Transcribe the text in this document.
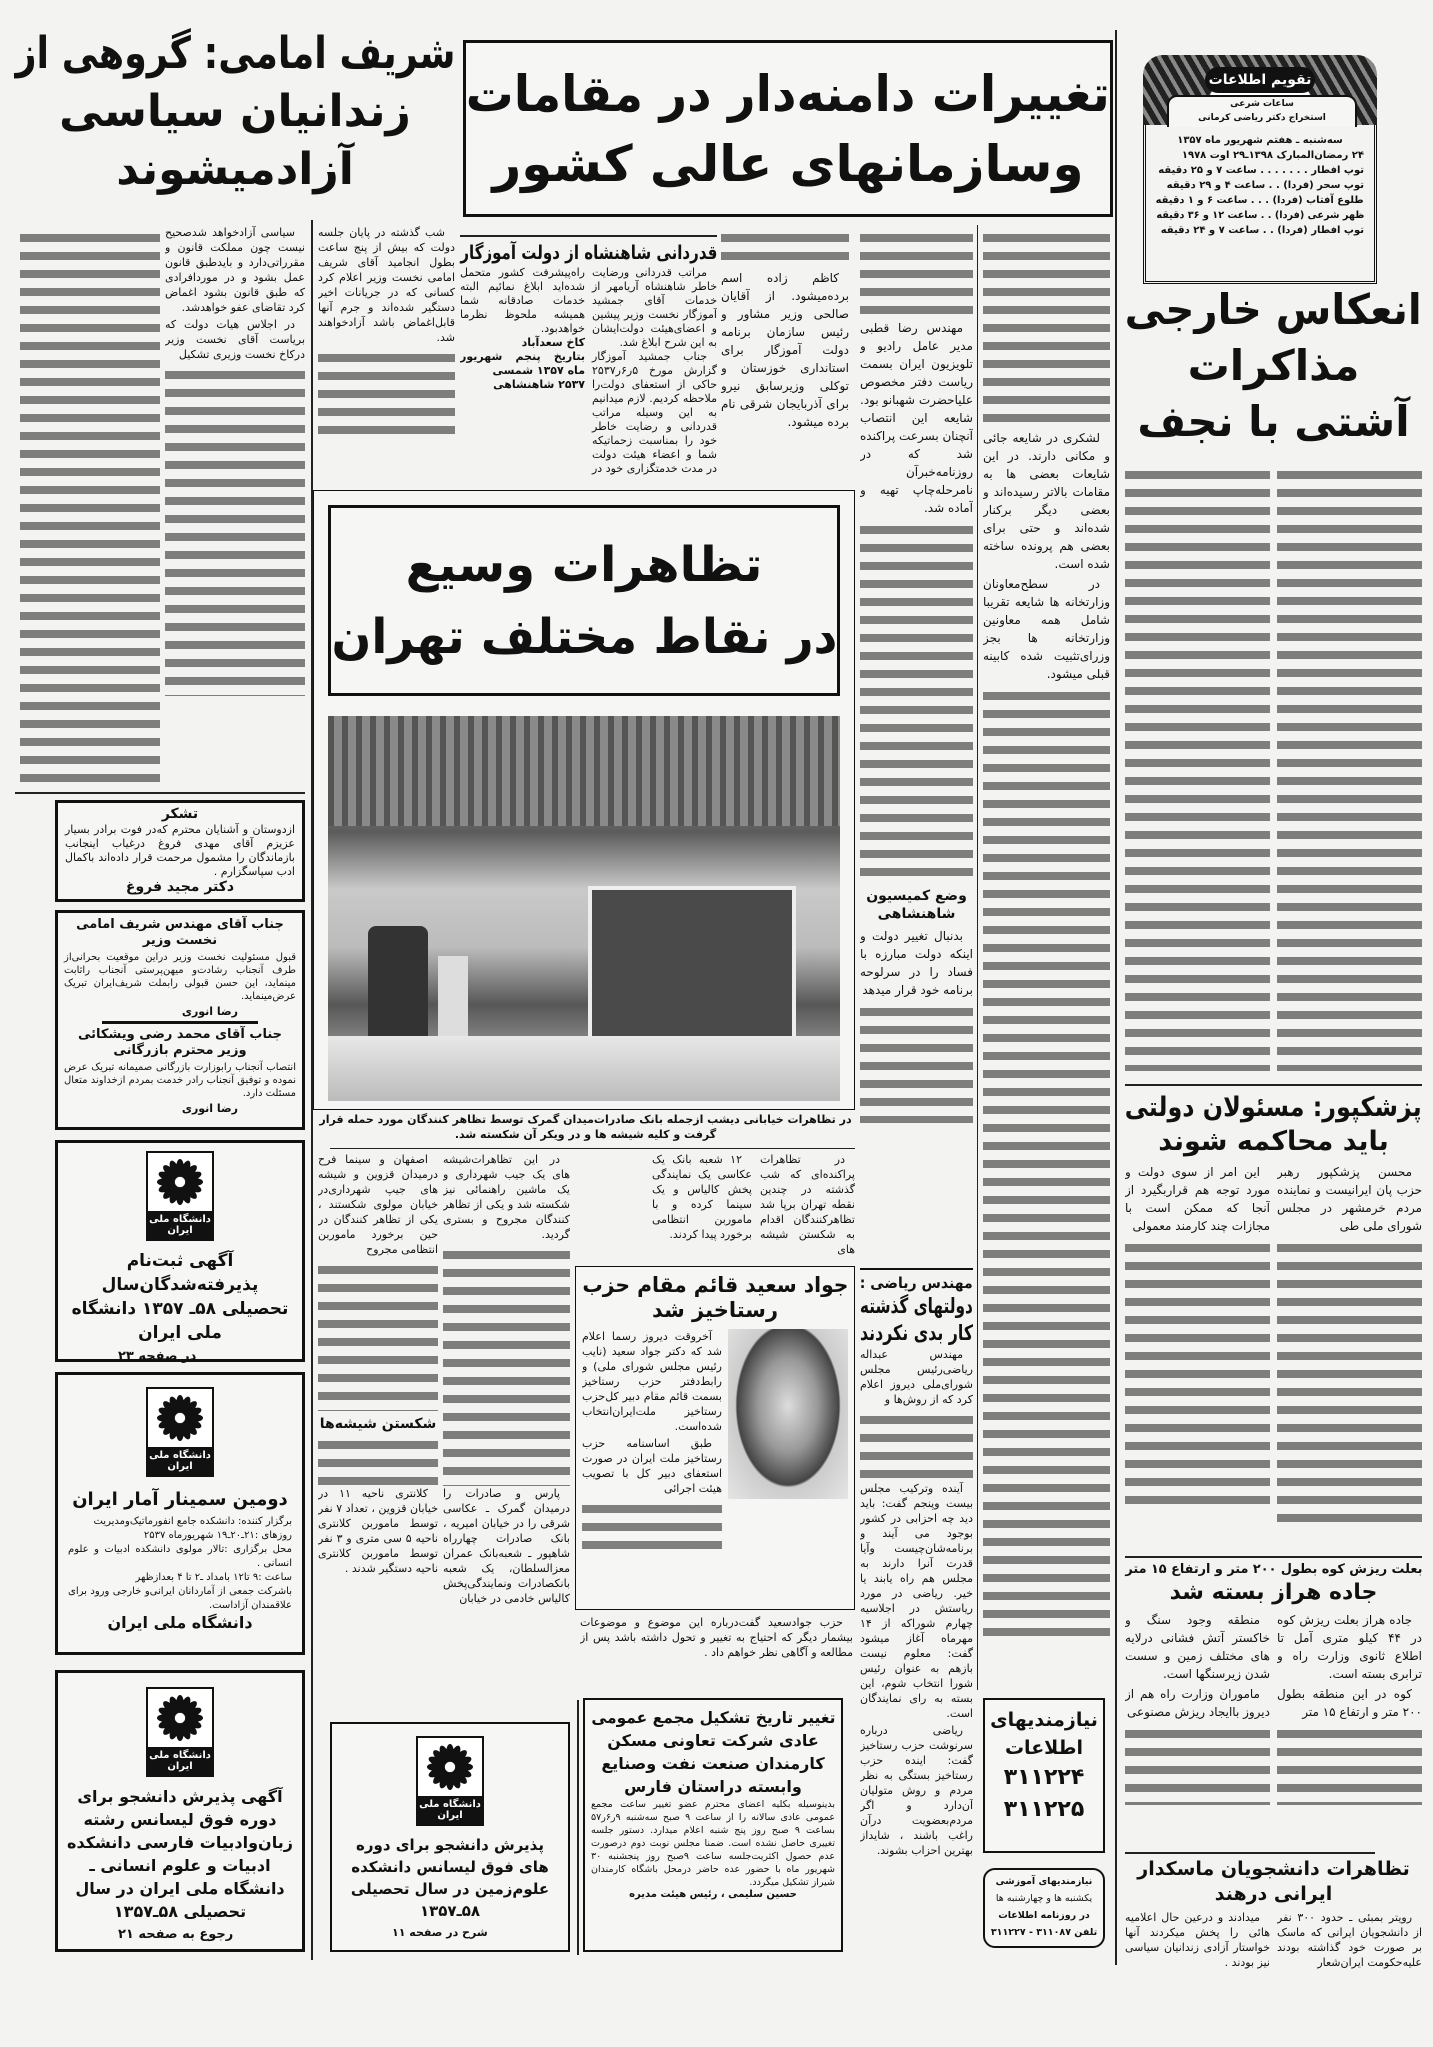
شریف امامی: گروهی از
زندانیان سیاسی
آزادمیشوند

شب گذشته در پایان جلسه دولت که بیش از پنج ساعت بطول انجامید آقای شریف امامی نخست وزیر اعلام کرد کسانی که در جریانات اخیر دستگیر شده‌اند و جرم آنها قابل‌اغماض باشد آزادخواهند شد.

سیاسی آزادخواهد شدصحیح نیست چون مملکت قانون و مقرراتی‌دارد و بایدطبق قانون عمل بشود و در موردافرادی که طبق قانون بشود اغماض کرد تقاضای عفو خواهدشد.

در اجلاس هیات دولت که بریاست آقای نخست وزیر درکاخ نخست وزیری تشکیل

تشکر
ازدوستان و آشنایان محترم که‌در فوت برادر بسیار عزیزم آقای مهدی فروغ درغیاب اینجانب بازماندگان را مشمول مرحمت قرار داده‌اند باکمال ادب سپاسگزارم .
دکتر مجید فروغ
جناب آقای مهندس شریف امامی
نخست وزیر
قبول مسئولیت نخست وزیر دراین موقعیت بحرانی‌از طرف آنجناب رشادت‌و میهن‌پرستی آنجناب راثابت مینماید، این حسن قبولی رابملت شریف‌ایران تبریک عرض‌مینماید.
رضا انوری
جناب آقای محمد رضی ویشکائی
وزیر محترم بازرگانی
انتصاب آنجناب رابوزارت بازرگانی صمیمانه تبریک عرض نموده و توفیق آنجناب رادر خدمت بمردم ازخداوند متعال مسئلت دارد.
رضا انوری
دانشگاه ملی ایران
آگهی ثبت‌نام پذیرفته‌شدگان‌سال تحصیلی ۵۸ـ ۱۳۵۷ دانشگاه ملی ایران
در صفحه ۲۳
دانشگاه ملی ایران
دومین سمینار آمار ایران
برگزار کننده: دانشکده جامع انفورماتیک‌ومدیریت
روزهای :۲۱ـ۲۰ـ۱۹ شهریورماه ۲۵۳۷
محل برگزاری :تالار مولوی دانشکده ادبیات و علوم انسانی .
ساعت :۹ تا۱۲ بامداد ـ۲ تا ۴ بعدازظهر
باشرکت جمعی از آماردانان ایرانی‌و خارجی ورود برای علاقمندان آزاداست.
دانشگاه ملی ایران
دانشگاه ملی ایران
آگهی پذیرش دانشجو برای دوره فوق لیسانس رشته زبان‌وادبیات فارسی دانشکده ادبیات و علوم انسانی ـ دانشگاه ملی ایران در سال تحصیلی ۵۸ـ۱۳۵۷
رجوع به صفحه ۲۱
تغییرات دامنه‌دار در مقامات
وسازمانهای عالی کشور
قدردانی شاهنشاه از دولت آموزگار

مراتب قدردانی ورضایت خاطر شاهنشاه آریامهر از خدمات آقای جمشید آموزگار نخست وزیر پیشین و اعضای‌هیئت دولت‌ایشان به این شرح ابلاغ شد.

جناب جمشید آموزگار گزارش مورخ ۵ر۶ر۲۵۳۷ حاکی از استعفای دولت‌را ملاحظه کردیم. لازم میدانیم به این وسیله مراتب قدردانی و رضایت خاطر خود را بمناسبت زحماتیکه شما و اعضاء هیئت دولت در مدت خدمتگزاری خود در راه‌پیشرفت کشور متحمل شده‌اید ابلاغ نمائیم البته خدمات صادقانه شما همیشه ملحوظ نظرما خواهدبود.

کاخ سعدآباد
بتاریخ پنجم شهریور ماه ۱۳۵۷ شمسی
۲۵۳۷ شاهنشاهی

کاظم زاده اسم برده‌میشود. از آقایان صالحی وزیر مشاور و رئیس سازمان برنامه دولت آموزگار برای استانداری خوزستان و توکلی وزیرسابق نیرو برای آذربایجان شرقی نام برده میشود.

مهندس رضا قطبی مدیر عامل رادیو و تلویزیون ایران بسمت ریاست دفتر مخصوص علیاحضرت شهبانو بود. شایعه این انتصاب آنچنان بسرعت پراکنده شد که در روزنامه‌خبرآن نامرحله‌چاپ تهیه و آماده شد.

وضع کمیسیون شاهنشاهی

بدنبال تغییر دولت و اینکه دولت مبارزه با فساد را در سرلوحه برنامه خود قرار میدهد

لشکری در شایعه جائی و مکانی دارند. در این شایعات بعضی ها به مقامات بالاتر رسیده‌اند و بعضی دیگر برکنار شده‌اند و حتی برای بعضی هم پرونده ساخته شده است.

در سطح‌معاونان وزارتخانه ها شایعه تقریبا شامل همه معاونین وزارتخانه ها بجز وزرای‌تثبیت شده کابینه قبلی میشود.

تظاهرات وسیع
در نقاط مختلف تهران
در تظاهرات خیابانی دیشب ازجمله بانک صادرات‌میدان گمرک توسط تظاهر کنندگان مورد حمله قرار گرفت و کلیه شیشه ها و در ویکر آن شکسته شد.

در تظاهرات پراکنده‌ای که شب گذشته در چندین نقطه تهران برپا شد تظاهرکنندگان اقدام به شکستن شیشه های

۱۲ شعبه بانک یک عکاسی یک نمایندگی پخش کالیاس و یک سینما کرده و با ماموربن انتظامی برخورد پیدا کردند.

در این تظاهرات‌شیشه های یک جیب شهرداری و یک ماشین راهنمائی نیز شکسته شد و یکی از تظاهر کنندگان مجروح و بستری گردید.

پارس و صادرات را درمیدان گمرک ـ عکاسی شرقی را در خیابان امیریه ، بانک صادرات چهارراه شاهپور ـ شعبه‌بانک عمران معزالسلطان، یک شعبه بانکصادرات ونمایندگی‌پخش کالیاس خادمی در خیابان

اصفهان و سینما فرح درمیدان قزوین و شیشه های جیپ شهرداری‌در خیابان مولوی شکستند ، یکی از تظاهر کنندگان در حین برخورد ماموربن انتظامی مجروح

شکستن شیشه‌ها

کلانتری ناحیه ۱۱ در خیابان قزوین ، تعداد ۷ نفر توسط ماموربن کلانتری ناحیه ۵ سی متری و ۳ نفر توسط ماموربن کلانتری ناحیه دستگیر شدند .

جواد سعید قائم مقام حزب
رستاخیز شد

آخروقت دیروز رسما اعلام شد که دکتر جواد سعید (نایب رئیس مجلس شورای ملی) و رابط‌دفتر حزب رستاخیز بسمت قائم مقام دبیر کل‌حزب رستاخیز ملت‌ایران‌انتخاب شده‌است.

طبق اساسنامه حزب رستاخیز ملت ایران در صورت استعفای دبیر کل با تصویب هیئت اجرائی

حزب جوادسعید گفت‌درباره این موضوع و موضوعات بیشمار دیگر که احتیاج به تغییر و تحول داشته باشد پس از مطالعه و آگاهی نظر خواهم داد .

مهندس ریاضی :
دولتهای گذشته
کار بدی نکردند

مهندس عبداله ریاضی‌رئیس مجلس شورای‌ملی دیروز اعلام کرد که از روش‌ها و

آینده وترکیب مجلس بیست وپنجم گفت: باید دید چه احزابی در کشور بوجود می آیند و برنامه‌شان‌چیست وآیا قدرت آنرا دارند به مجلس هم راه یابند یا خیر. ریاضی در مورد ریاستش در اجلاسیه چهارم شوراکه از ۱۴ مهرماه آغاز میشود گفت: معلوم نیست بازهم به عنوان رئیس شورا انتخاب شوم، این بسته به رای نمایندگان است.

ریاضی درباره سرنوشت حزب رستاخیز گفت: اینده حزب رستاخیز بستگی به نظر مردم و روش متولیان آن‌دارد و اگر مردم‌بعضویت درآن راغب باشند ، شایداز بهترین احزاب بشوند.

دانشگاه ملی ایران
پذیرش دانشجو برای دوره های فوق لیسانس دانشکده علوم‌زمین در سال تحصیلی ۵۸ـ۱۳۵۷
شرح در صفحه ۱۱
تغییر تاریخ تشکیل مجمع عمومی
عادی شرکت تعاونی مسکن
کارمندان صنعت نفت وصنایع
وابسته دراستان فارس
بدینوسیله بکلیه اعضای محترم عضو تغییر ساعت مجمع عمومی عادی سالانه را از ساعت ۹ صبح سه‌شنبه ۹ر۶ر۵۷ بساعت ۹ صبح روز پنج شنبه اعلام میدارد. دستور جلسه تغییری حاصل نشده است. ضمنا مجلس نوبت دوم درصورت عدم حصول اکثریت‌جلسه ساعت ۹صبح روز پنجشنبه ۳۰ شهریور ماه با حضور عده حاضر درمحل باشگاه کارمندان شیراز تشکیل میگردد.
حسین سلیمی ، رئیس هیئت مدیره
نیازمندیهای
اطلاعات
۳۱۱۲۲۴
۳۱۱۲۲۵
نیازمندیهای آموزشی
یکشنبه ها و چهارشنبه ها
در روزنامه اطلاعات
تلفن ۳۱۱۰۸۷ - ۳۱۱۲۲۷
تقویم اطلاعات
ساعات شرعی
استخراج دکتر ریاضی کرمانی
سه‌شنبه ـ هفتم شهریور ماه ۱۳۵۷
۲۴ رمضان‌المبارک ۱۳۹۸ـ۲۹ اوت ۱۹۷۸
توپ افطار . . . . . . . ساعت ۷ و ۲۵ دقیقه
توپ سحر (فردا) . . ساعت ۴ و ۲۹ دقیقه
طلوع آفتاب (فردا) . . . ساعت ۶ و ۱ دقیقه
ظهر شرعی (فردا) . . ساعت ۱۲ و ۳۶ دقیقه
توپ افطار (فردا) . . ساعت ۷ و ۲۴ دقیقه
انعکاس خارجی
مذاکرات
آشتی با نجف
پزشکپور: مسئولان دولتی
باید محاکمه شوند

محسن پزشکپور رهبر حزب پان ایرانیست و نماینده مردم خرمشهر در مجلس شورای ملی طی

این امر از سوی دولت و مورد توجه هم قراربگیرد از آنجا که ممکن است با مجازات چند کارمند معمولی

بعلت ریزش کوه بطول ۲۰۰ متر و ارتفاع ۱۵ متر
جاده هراز بسته شد

جاده هراز بعلت ریزش کوه در ۴۴ کیلو متری آمل تا اطلاع ثانوی وزارت راه و ترابری بسته است.

کوه در این منطقه بطول ۲۰۰ متر و ارتفاع ۱۵ متر

منطقه وجود سنگ و خاکستر آتش فشانی درلایه های مختلف زمین و سست شدن زیرسنگها است.

ماموران وزارت راه هم از دیروز باایجاد ریزش مصنوعی

تظاهرات دانشجویان ماسکدار
ایرانی درهند

رویتر بمبئی ـ حدود ۳۰۰ نفر از دانشجویان ایرانی که ماسک بر صورت خود گذاشته بودند علیه‌حکومت ایران‌شعار

میدادند و درعین حال اعلامیه هائی را پخش میکردند آنها خواستار آزادی زندانیان سیاسی نیز بودند .
